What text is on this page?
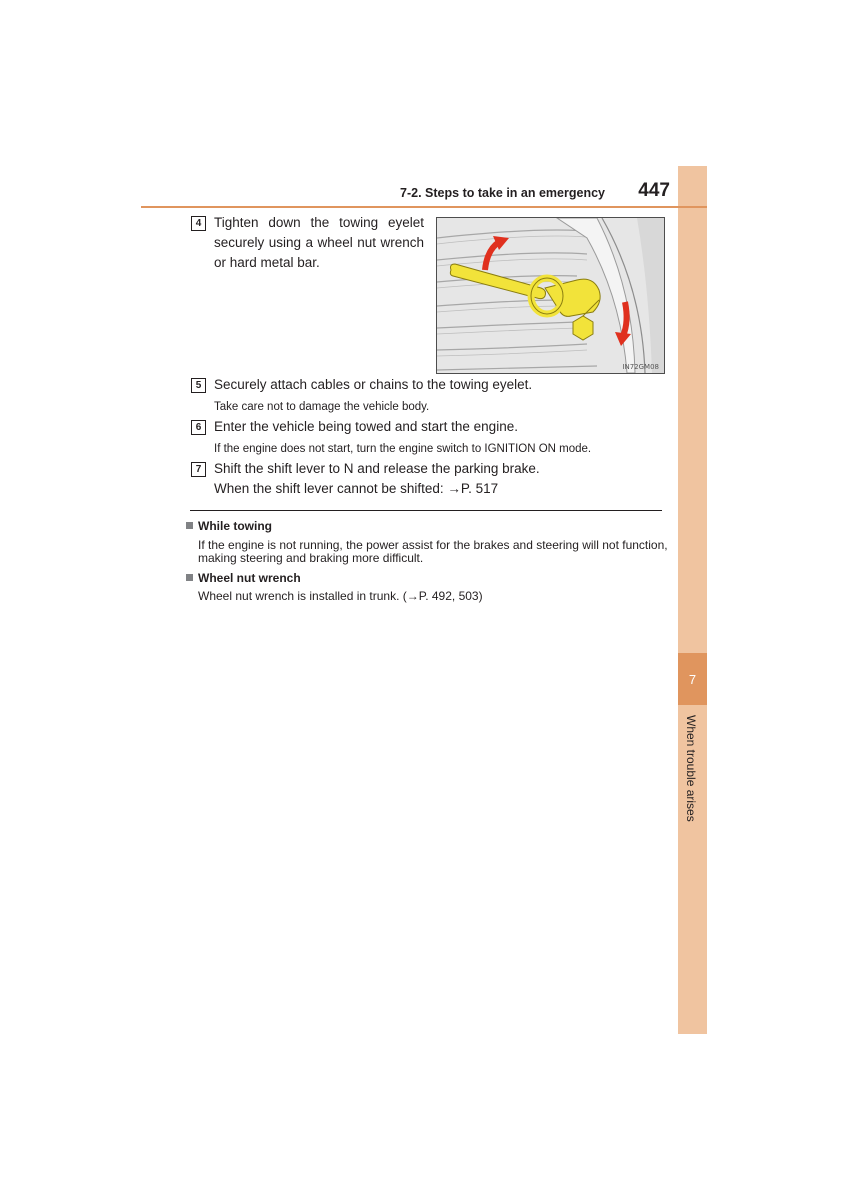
7
When trouble arises
7-2. Steps to take in an emergency	447
4 Tighten down the towing eyelet securely using a wheel nut wrench or hard metal bar.
IN72GM08
5 Securely attach cables or chains to the towing eyelet.
Take care not to damage the vehicle body.
6 Enter the vehicle being towed and start the engine.
If the engine does not start, turn the engine switch to IGNITION ON mode.
7 Shift the shift lever to N and release the parking brake.
When the shift lever cannot be shifted: →P. 517
While towing
If the engine is not running, the power assist for the brakes and steering will not function, making steering and braking more difficult.
Wheel nut wrench
Wheel nut wrench is installed in trunk. (→P. 492, 503)
